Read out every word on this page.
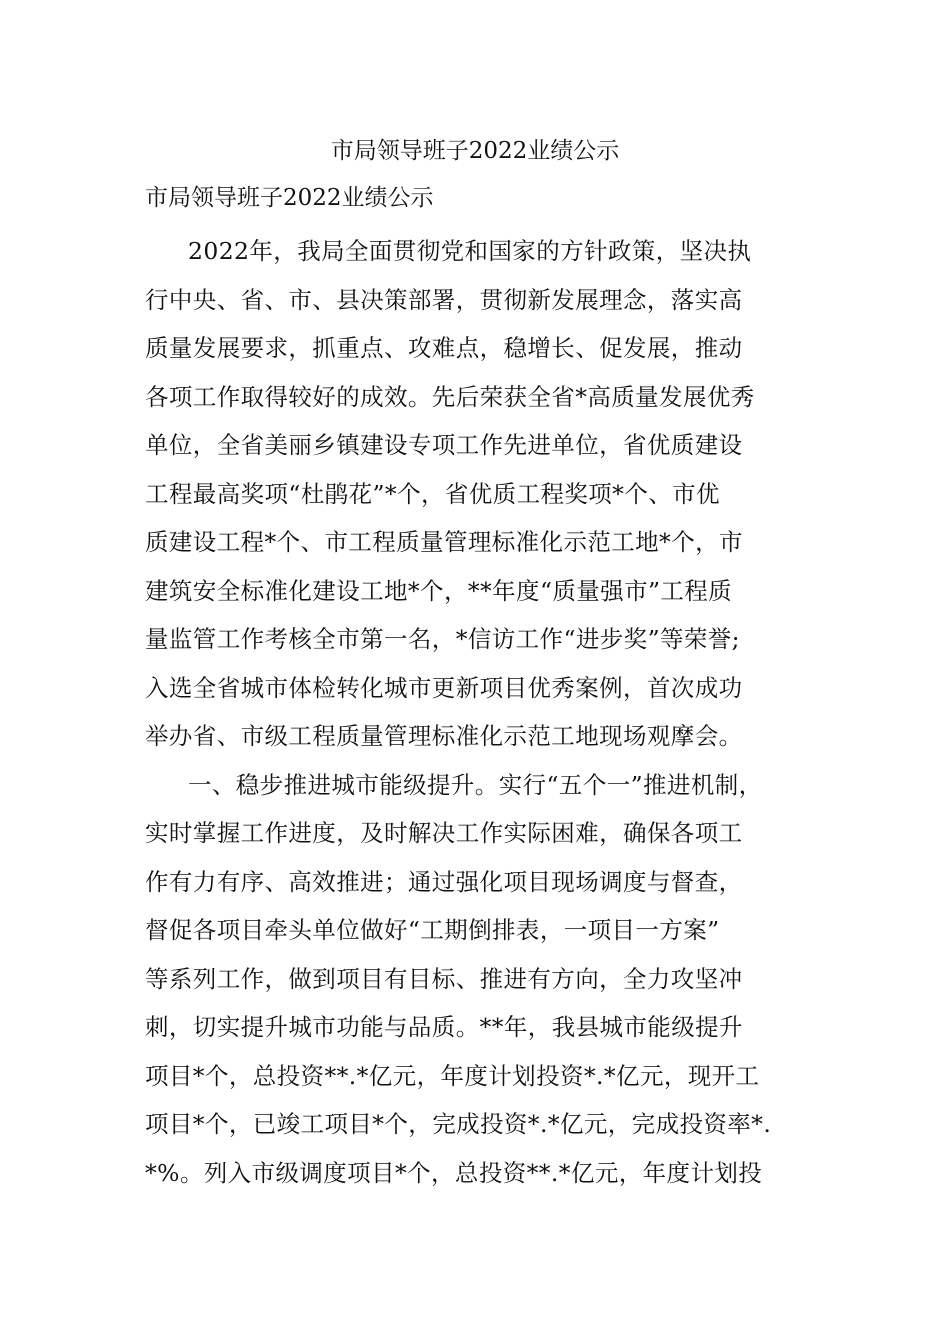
市局领导班子2022业绩公示
市局领导班子2022业绩公示
2022年，我局全面贯彻党和国家的方针政策，坚决执
行中央、省、市、县决策部署，贯彻新发展理念，落实高
质量发展要求，抓重点、攻难点，稳增长、促发展，推动
各项工作取得较好的成效。先后荣获全省*高质量发展优秀
单位，全省美丽乡镇建设专项工作先进单位，省优质建设
工程最高奖项“杜鹃花”*个，省优质工程奖项*个、市优
质建设工程*个、市工程质量管理标准化示范工地*个，市
建筑安全标准化建设工地*个，**年度“质量强市”工程质
量监管工作考核全市第一名，*信访工作“进步奖”等荣誉;
入选全省城市体检转化城市更新项目优秀案例，首次成功
举办省、市级工程质量管理标准化示范工地现场观摩会。
一、稳步推进城市能级提升。实行“五个一”推进机制，
实时掌握工作进度，及时解决工作实际困难，确保各项工
作有力有序、高效推进；通过强化项目现场调度与督查，
督促各项目牵头单位做好“工期倒排表，一项目一方案”
等系列工作，做到项目有目标、推进有方向，全力攻坚冲
刺，切实提升城市功能与品质。**年，我县城市能级提升
项目*个，总投资**.*亿元，年度计划投资*.*亿元，现开工
项目*个，已竣工项目*个，完成投资*.*亿元，完成投资率*.
*%。列入市级调度项目*个，总投资**.*亿元，年度计划投
